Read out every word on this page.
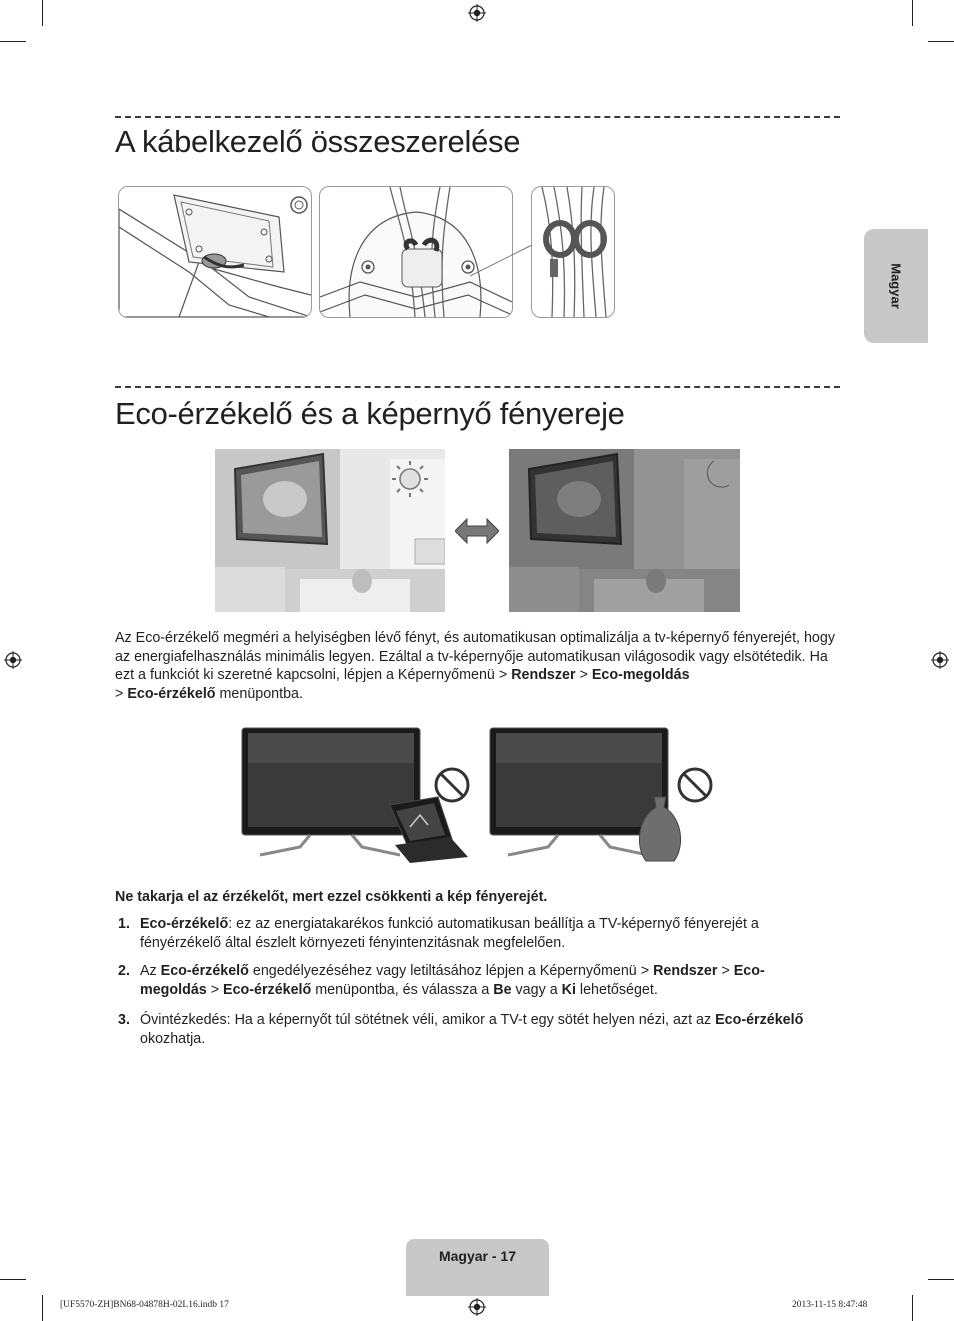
Magyar
A kábelkezelő összeszerelése
Eco-érzékelő és a képernyő fényereje
Az Eco-érzékelő megméri a helyiségben lévő fényt, és automatikusan optimalizálja a tv-képernyő fényerejét, hogy az energiafelhasználás minimális legyen. Ezáltal a tv-képernyője automatikusan világosodik vagy elsötétedik. Ha ezt a funkciót ki szeretné kapcsolni, lépjen a Képernyőmenü > Rendszer > Eco-megoldás
> Eco-érzékelő menüpontba.
Ne takarja el az érzékelőt, mert ezzel csökkenti a kép fényerejét.
1. Eco-érzékelő: ez az energiatakarékos funkció automatikusan beállítja a TV-képernyő fényerejét a fényérzékelő által észlelt környezeti fényintenzitásnak megfelelően.
2. Az Eco-érzékelő engedélyezéséhez vagy letiltásához lépjen a Képernyőmenü > Rendszer > Eco-megoldás > Eco-érzékelő menüpontba, és válassza a Be vagy a Ki lehetőséget.
3. Óvintézkedés: Ha a képernyőt túl sötétnek véli, amikor a TV-t egy sötét helyen nézi, azt az Eco-érzékelő okozhatja.
Magyar - 17
[UF5570-ZH]BN68-04878H-02L16.indb 17	2013-11-15 8:47:48
